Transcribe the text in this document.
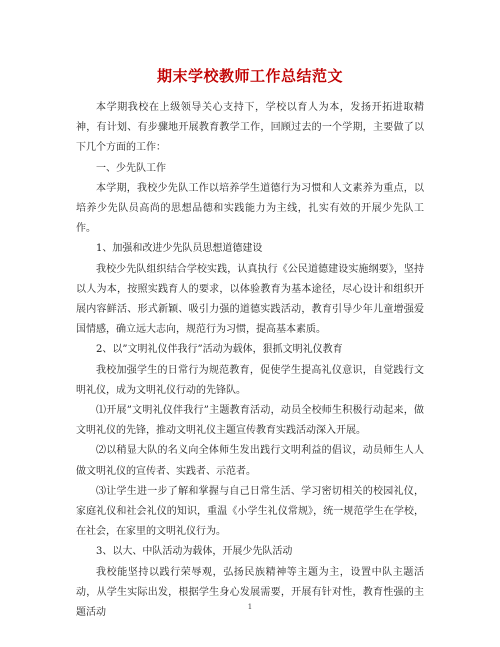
期末学校教师工作总结范文

本学期我校在上级领导关心支持下，学校以育人为本，发扬开拓进取精神，有计划、有步骤地开展教育教学工作，回顾过去的一个学期，主要做了以下几个方面的工作：

一、少先队工作

本学期，我校少先队工作以培养学生道德行为习惯和人文素养为重点，以培养少先队员高尚的思想品德和实践能力为主线，扎实有效的开展少先队工作。

1、加强和改进少先队员思想道德建设

我校少先队组织结合学校实践，认真执行《公民道德建设实施纲要》，坚持以人为本，按照实践育人的要求，以体验教育为基本途径，尽心设计和组织开展内容鲜活、形式新颖、吸引力强的道德实践活动，教育引导少年儿童增强爱国情感，确立远大志向，规范行为习惯，提高基本素质。

2、以”文明礼仪伴我行”活动为载体，狠抓文明礼仪教育

我校加强学生的日常行为规范教育，促使学生提高礼仪意识，自觉践行文明礼仪，成为文明礼仪行动的先锋队。

⑴开展”文明礼仪伴我行”主题教育活动，动员全校师生积极行动起来，做文明礼仪的先锋，推动文明礼仪主题宣传教育实践活动深入开展。

⑵以稍显大队的名义向全体师生发出践行文明利益的倡议，动员师生人人做文明礼仪的宣传者、实践者、示范者。

⑶让学生进一步了解和掌握与自己日常生活、学习密切相关的校园礼仪，家庭礼仪和社会礼仪的知识，重温《小学生礼仪常规》，统一规范学生在学校，在社会，在家里的文明礼仪行为。

3、以大、中队活动为载体，开展少先队活动

我校能坚持以践行荣辱观，弘扬民族精神等主题为主，设置中队主题活动，从学生实际出发，根据学生身心发展需要，开展有针对性，教育性强的主题活动

1
